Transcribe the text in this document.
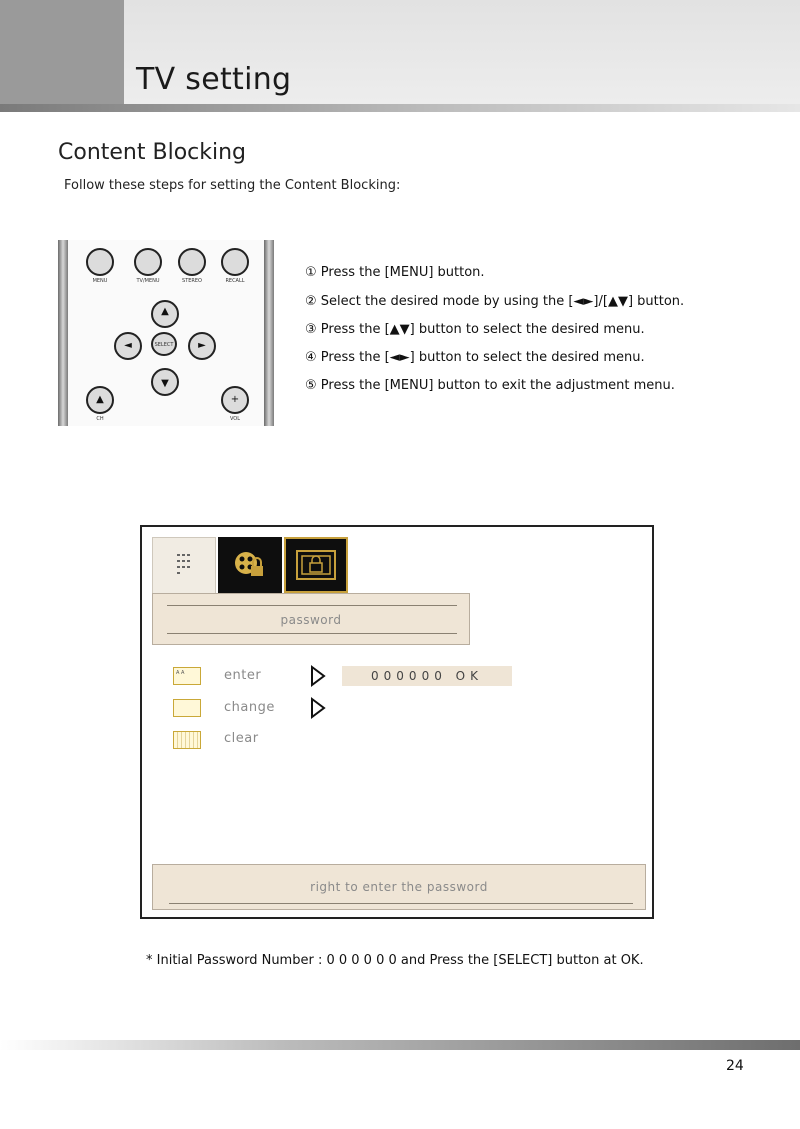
TV setting
Content Blocking
Follow these steps for setting the Content Blocking:
MENU	TV/MENU	STEREO	RECALL
▲
◄	SELECT	►
▼
▲	+
CH	VOL
① Press the [MENU] button.
② Select the desired mode by using the [◄►]/[▲▼] button.
③ Press the [▲▼] button to select the desired menu.
④ Press the [◄►] button to select the desired menu.
⑤ Press the [MENU] button to exit the adjustment menu.
password
A A	enter	000000 OK
change
clear
right to enter the password
* Initial Password Number : 0 0 0 0 0 0 and Press the [SELECT] button at OK.
24
